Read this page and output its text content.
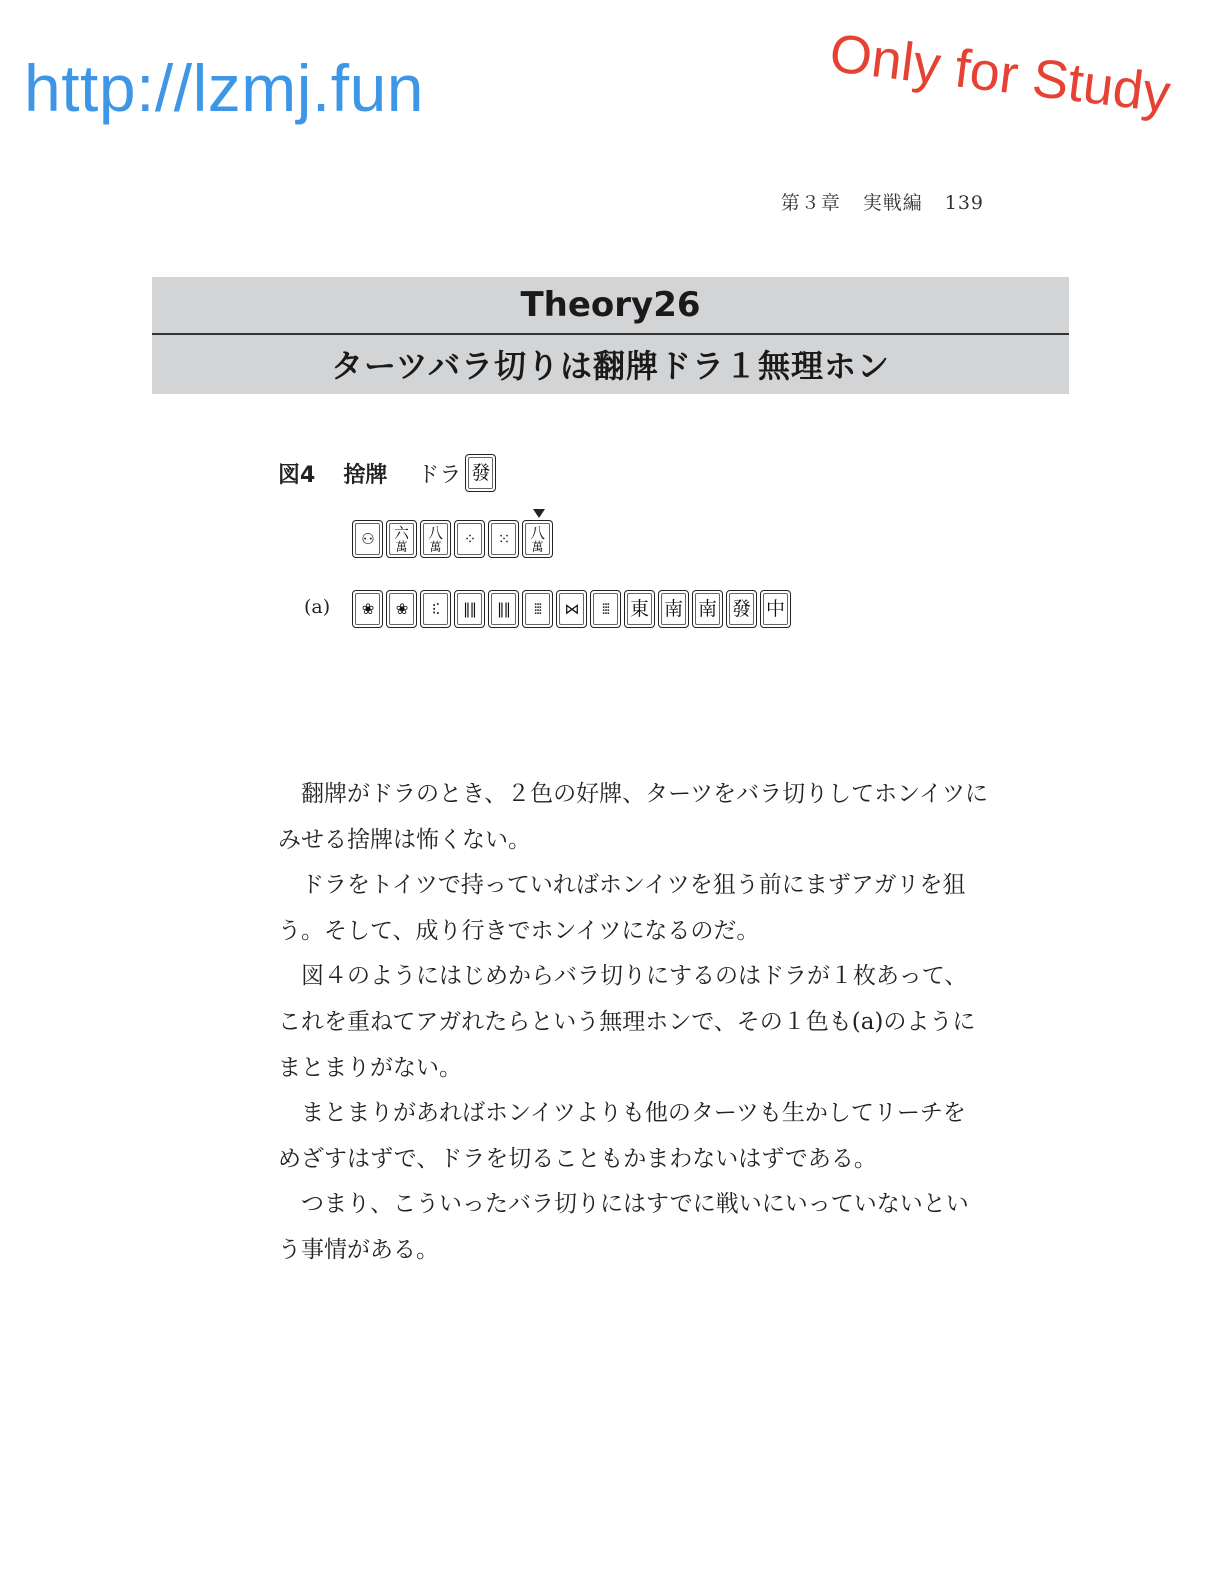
http://lzmj.fun	Only for Study
第３章 実戦編 139
Theory26
ターツバラ切りは翻牌ドラ１無理ホン
図4 捨牌 ドラ 發
⚇ 六
萬
八
萬 ⁘ ⁙ 八
萬
(a) ❀ ❀ ⁝⁚ ‖‖ ‖‖ ⦙⦙⦙ ⋈ ⦙⦙⦙ 東 南 南 發 中

翻牌がドラのとき、２色の好牌、ターツをバラ切りしてホンイツにみせる捨牌は怖くない。

ドラをトイツで持っていればホンイツを狙う前にまずアガリを狙う。そして、成り行きでホンイツになるのだ。

図４のようにはじめからバラ切りにするのはドラが１枚あって、これを重ねてアガれたらという無理ホンで、その１色も(a)のようにまとまりがない。

まとまりがあればホンイツよりも他のターツも生かしてリーチをめざすはずで、ドラを切ることもかまわないはずである。

つまり、こういったバラ切りにはすでに戦いにいっていないという事情がある。
